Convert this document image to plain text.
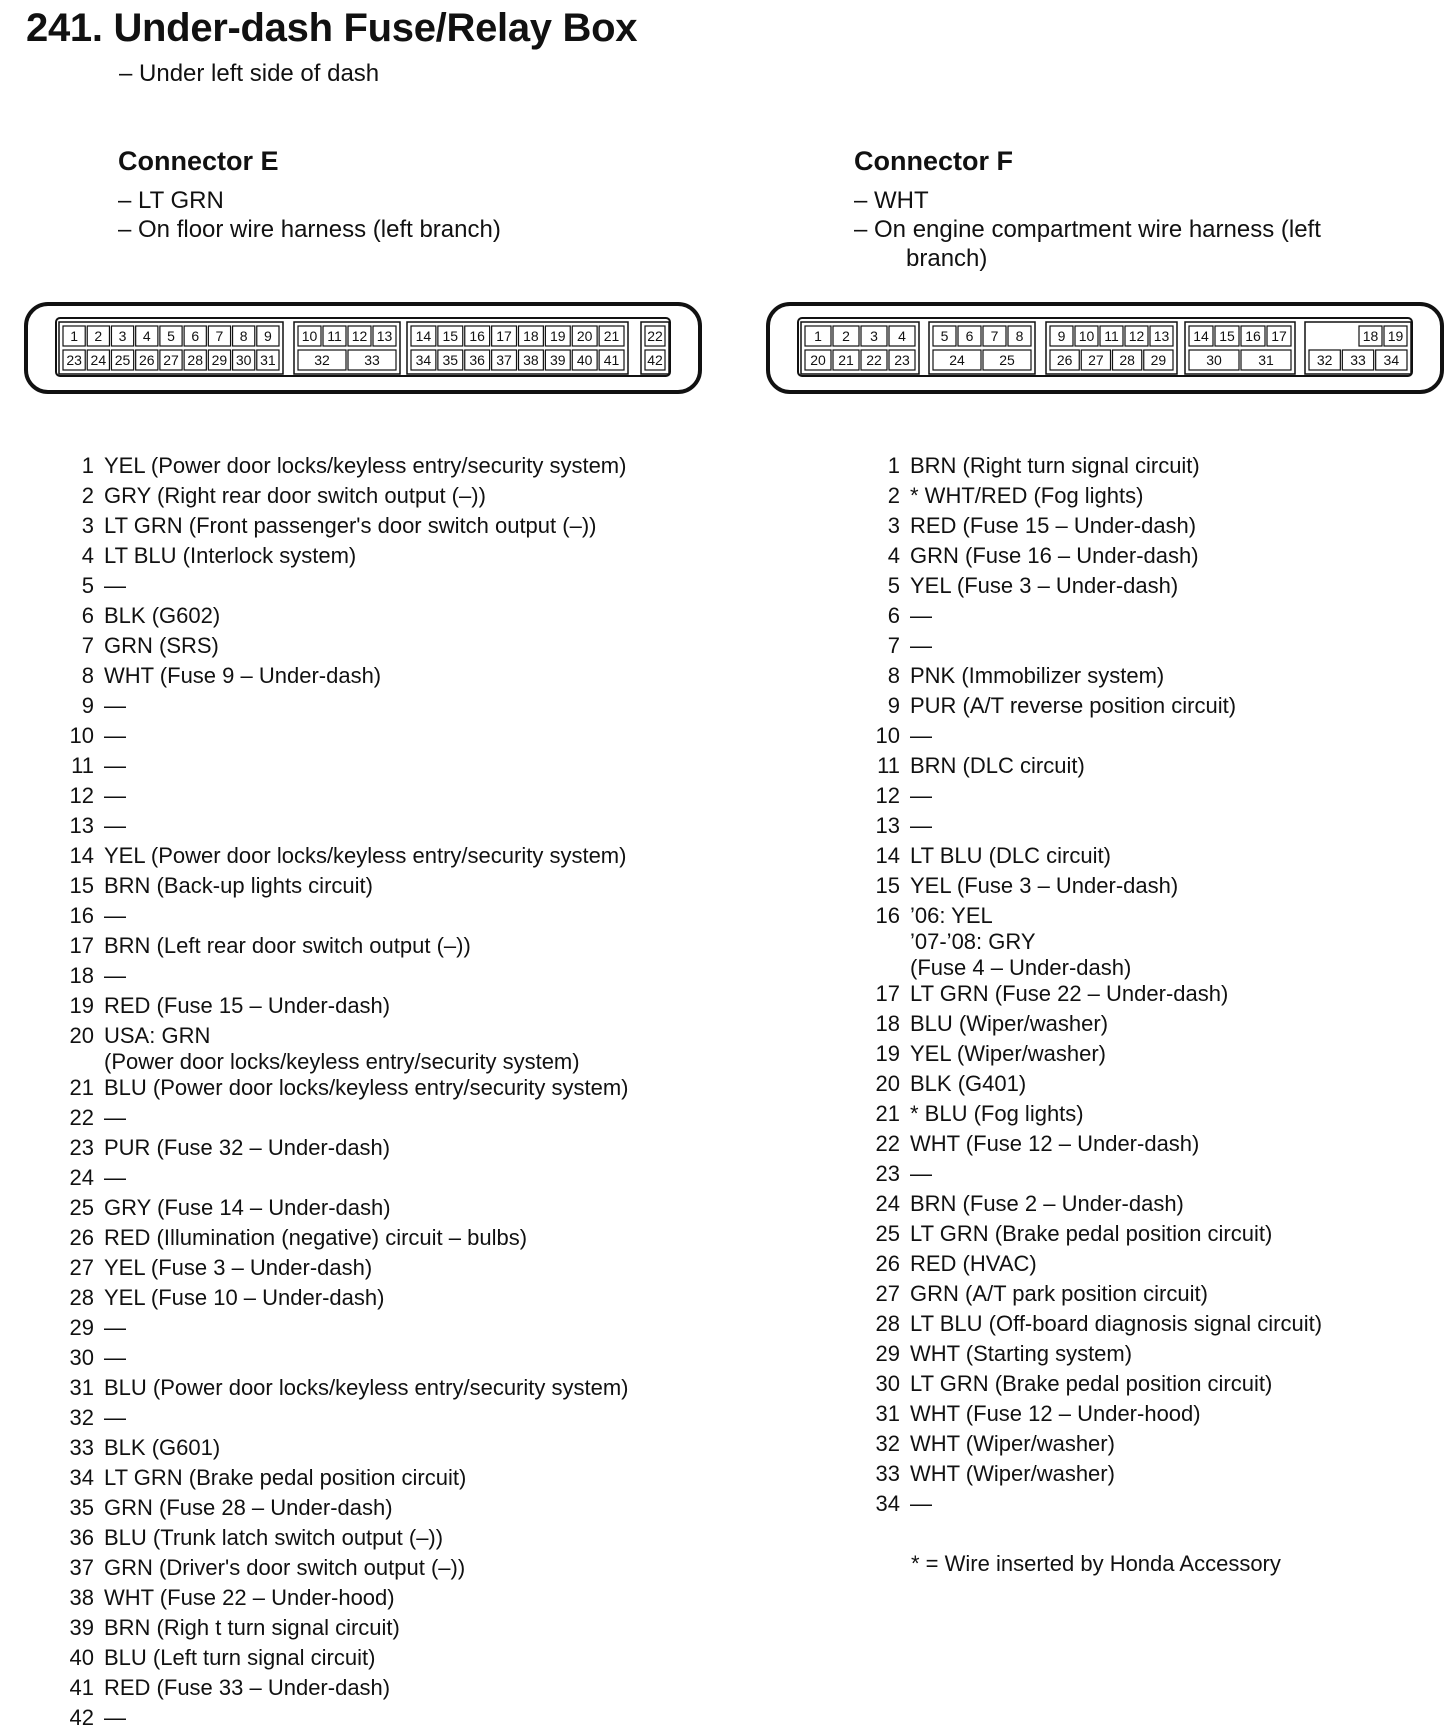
241. Under-dash Fuse/Relay Box
– Under left side of dash
Connector E
– LT GRN
– On floor wire harness (left branch)
Connector F
– WHT
– On engine compartment wire harness (left
branch)
1 2 3 4 5 6 7 8 9
23 24 25 26 27 28 29 30 31
10 11 12 13
32 33
14 15 16 17 18 19 20 21
34 35 36 37 38 39 40 41
22
42
1 2 3 4
20 21 22 23
5 6 7 8
24 25
9 10 11 12 13
26 27 28 29
14 15 16 17
30	31
18 19
32 33 34
1 YEL (Power door locks/keyless entry/security system)
2 GRY (Right rear door switch output (–))
3 LT GRN (Front passenger's door switch output (–))
4 LT BLU (Interlock system)
5 —
6 BLK (G602)
7 GRN (SRS)
8 WHT (Fuse 9 – Under-dash)
9 —
10 —
11 —
12 —
13 —
14 YEL (Power door locks/keyless entry/security system)
15 BRN (Back-up lights circuit)
16 —
17 BRN (Left rear door switch output (–))
18 —
19 RED (Fuse 15 – Under-dash)
20 USA: GRN
(Power door locks/keyless entry/security system)
21 BLU (Power door locks/keyless entry/security system)
22 —
23 PUR (Fuse 32 – Under-dash)
24 —
25 GRY (Fuse 14 – Under-dash)
26 RED (Illumination (negative) circuit – bulbs)
27 YEL (Fuse 3 – Under-dash)
28 YEL (Fuse 10 – Under-dash)
29 —
30 —
31 BLU (Power door locks/keyless entry/security system)
32 —
33 BLK (G601)
34 LT GRN (Brake pedal position circuit)
35 GRN (Fuse 28 – Under-dash)
36 BLU (Trunk latch switch output (–))
37 GRN (Driver's door switch output (–))
38 WHT (Fuse 22 – Under-hood)
39 BRN (Righ t turn signal circuit)
40 BLU (Left turn signal circuit)
41 RED (Fuse 33 – Under-dash)
42 —
1 BRN (Right turn signal circuit)
2 * WHT/RED (Fog lights)
3 RED (Fuse 15 – Under-dash)
4 GRN (Fuse 16 – Under-dash)
5 YEL (Fuse 3 – Under-dash)
6 —
7 —
8 PNK (Immobilizer system)
9 PUR (A/T reverse position circuit)
10 —
11 BRN (DLC circuit)
12 —
13 —
14 LT BLU (DLC circuit)
15 YEL (Fuse 3 – Under-dash)
16 ’06: YEL
’07-’08: GRY
(Fuse 4 – Under-dash)
17 LT GRN (Fuse 22 – Under-dash)
18 BLU (Wiper/washer)
19 YEL (Wiper/washer)
20 BLK (G401)
21 * BLU (Fog lights)
22 WHT (Fuse 12 – Under-dash)
23 —
24 BRN (Fuse 2 – Under-dash)
25 LT GRN (Brake pedal position circuit)
26 RED (HVAC)
27 GRN (A/T park position circuit)
28 LT BLU (Off-board diagnosis signal circuit)
29 WHT (Starting system)
30 LT GRN (Brake pedal position circuit)
31 WHT (Fuse 12 – Under-hood)
32 WHT (Wiper/washer)
33 WHT (Wiper/washer)
34 —
* = Wire inserted by Honda Accessory
